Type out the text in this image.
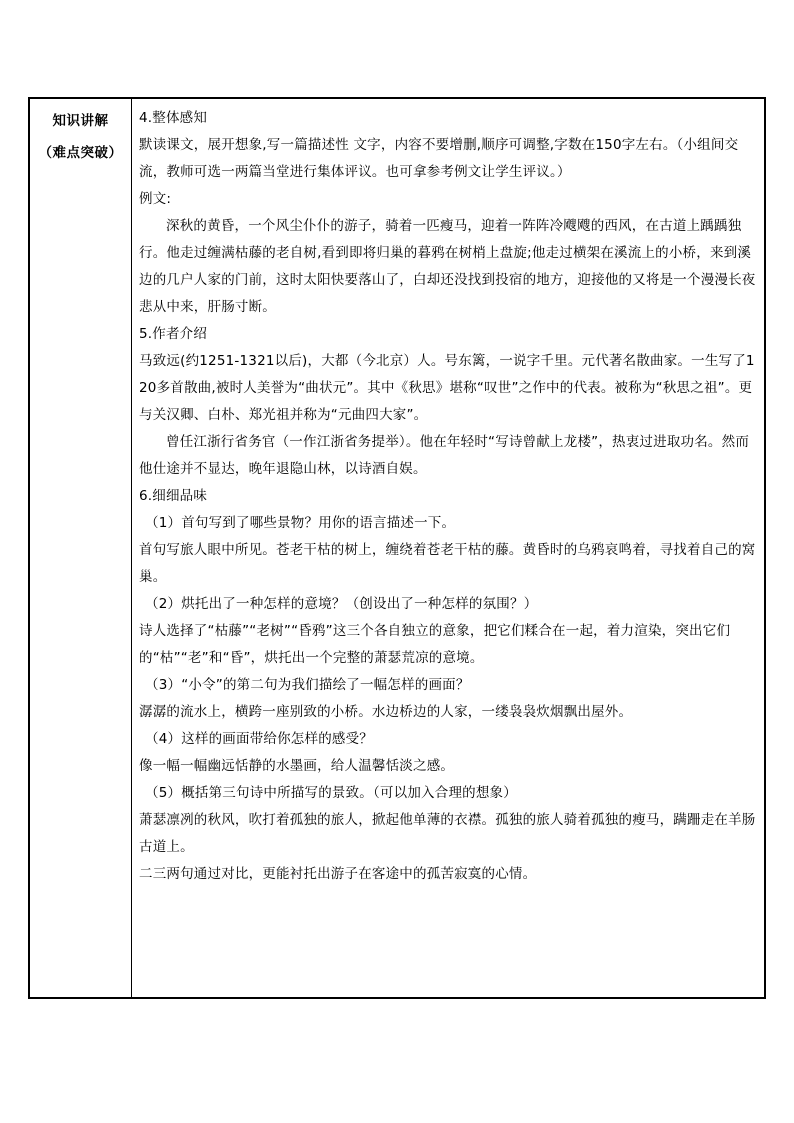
知识讲解
（难点突破）

4.整体感知

默读课文，展开想象,写一篇描述性 文字，内容不要增删,顺序可调整,字数在150字左右。（小组间交流，教师可选一两篇当堂进行集体评议。也可拿参考例文让学生评议。）

例文:

深秋的黄昏，一个风尘仆仆的游子，骑着一匹瘦马，迎着一阵阵冷飕飕的西风，在古道上踽踽独行。他走过缠满枯藤的老自树,看到即将归巢的暮鸦在树梢上盘旋;他走过横架在溪流上的小桥，来到溪边的几户人家的门前，这时太阳快要落山了，白却还没找到投宿的地方，迎接他的又将是一个漫漫长夜悲从中来，肝肠寸断。

5.作者介绍

马致远(约1251-1321以后)，大都（今北京）人。号东篱，一说字千里。元代著名散曲家。一生写了120多首散曲,被时人美誉为“曲状元”。其中《秋思》堪称“叹世”之作中的代表。被称为“秋思之祖”。更与关汉卿、白朴、郑光祖并称为“元曲四大家”。

曾任江浙行省务官（一作江浙省务提举）。他在年轻时“写诗曾献上龙楼”，热衷过进取功名。然而他仕途并不显达，晚年退隐山林，以诗酒自娱。

6.细细品味

（1）首句写到了哪些景物？用你的语言描述一下。

首句写旅人眼中所见。苍老干枯的树上，缠绕着苍老干枯的藤。黄昏时的乌鸦哀鸣着，寻找着自己的窝巢。

（2）烘托出了一种怎样的意境？（创设出了一种怎样的氛围？）

诗人选择了“枯藤”“老树”“昏鸦”这三个各自独立的意象，把它们糅合在一起，着力渲染，突出它们的“枯”“老”和“昏”，烘托出一个完整的萧瑟荒凉的意境。

（3）“小令”的第二句为我们描绘了一幅怎样的画面？

潺潺的流水上，横跨一座别致的小桥。水边桥边的人家，一缕袅袅炊烟飘出屋外。

（4）这样的画面带给你怎样的感受？

像一幅一幅幽远恬静的水墨画，给人温馨恬淡之感。

（5）概括第三句诗中所描写的景致。（可以加入合理的想象）

萧瑟凛冽的秋风，吹打着孤独的旅人，掀起他单薄的衣襟。孤独的旅人骑着孤独的瘦马，蹒跚走在羊肠古道上。

二三两句通过对比，更能衬托出游子在客途中的孤苦寂寞的心情。
